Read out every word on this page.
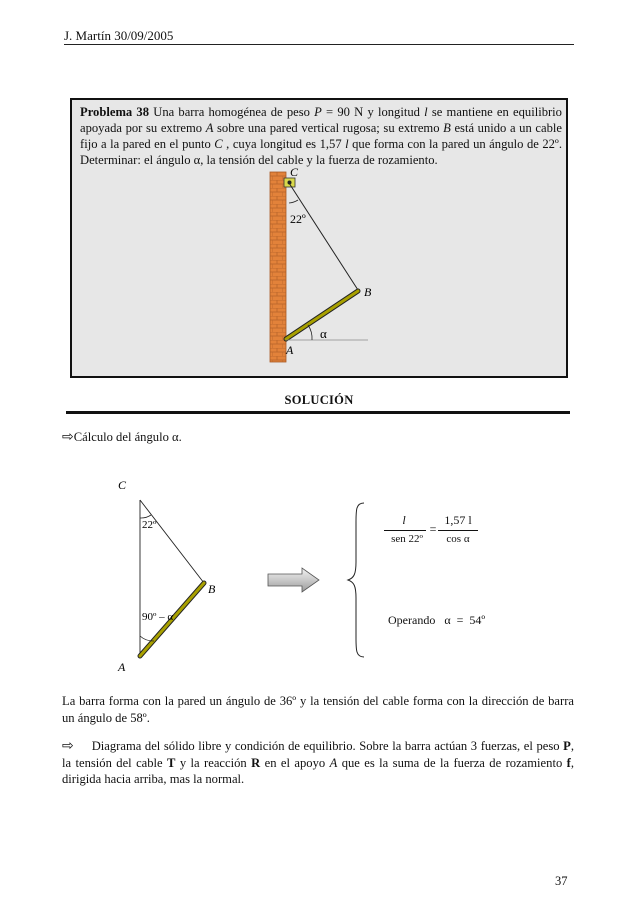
J. Martín 30/09/2005
Problema 38 Una barra homogénea de peso P = 90 N y longitud l se mantiene en equilibrio apoyada por su extremo A sobre una pared vertical rugosa; su extremo B está unido a un cable fijo a la pared en el punto C , cuya longitud es 1,57 l que forma con la pared un ángulo de 22º. Determinar: el ángulo α, la tensión del cable y la fuerza de rozamiento.
C
22º
B
α
A
SOLUCIÓN
⇨Cálculo del ángulo α.
C
22º
B
90º – α
A
l
sen 22º
=
1,57 l
cos α
Operando   α  =  54º
La barra forma con la pared un ángulo de 36º y la tensión del cable forma con la dirección de barra un ángulo de 58º.
⇨ Diagrama del sólido libre y condición de equilibrio. Sobre la barra actúan 3 fuerzas, el peso P, la tensión del cable T y la reacción R en el apoyo A que es la suma de la fuerza de rozamiento f, dirigida hacia arriba, mas la normal.
37
